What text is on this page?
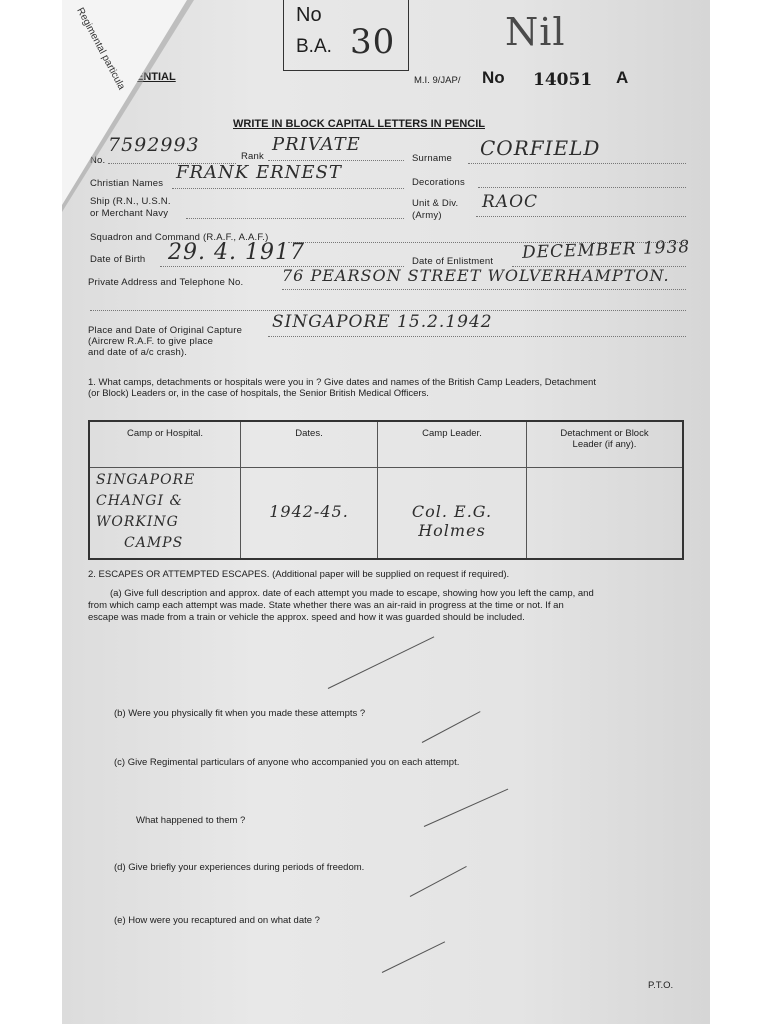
Regimental particula	No
B.A. 30	Nil
ENTIAL	M.I. 9/JAP/ No 14051 A
WRITE IN BLOCK CAPITAL LETTERS IN PENCIL
No.
7592993
Rank
PRIVATE
Surname CORFIELD
Christian Names
FRANK ERNEST	Decorations
Ship (R.N., U.S.N.
or Merchant Navy
Unit & Div.
(Army)
RAOC
Squadron and Command (R.A.F., A.A.F.)
Date of Birth 29. 4. 1917	Date of Enlistment DECEMBER 1938
Private Address and Telephone No. 76 PEARSON STREET WOLVERHAMPTON.
Place and Date of Original Capture
(Aircrew R.A.F. to give place
and date of a/c crash).
SINGAPORE 15.2.1942
1. What camps, detachments or hospitals were you in ? Give dates and names of the British Camp Leaders, Detachment
(or Block) Leaders or, in the case of hospitals, the Senior British Medical Officers.
Camp or Hospital.	Dates.	Camp Leader.	Detachment or Block Leader (if any).

SINGAPORE
CHANGI &
WORKING
CAMPS	1942-45.	Col. E.G. Holmes	
2. ESCAPES OR ATTEMPTED ESCAPES. (Additional paper will be supplied on request if required).
(a) Give full description and approx. date of each attempt you made to escape, showing how you left the camp, and
from which camp each attempt was made. State whether there was an air-raid in progress at the time or not. If an
escape was made from a train or vehicle the approx. speed and how it was guarded should be included.
(b) Were you physically fit when you made these attempts ?
(c) Give Regimental particulars of anyone who accompanied you on each attempt.
What happened to them ?
(d) Give briefly your experiences during periods of freedom.
(e) How were you recaptured and on what date ?
P.T.O.
